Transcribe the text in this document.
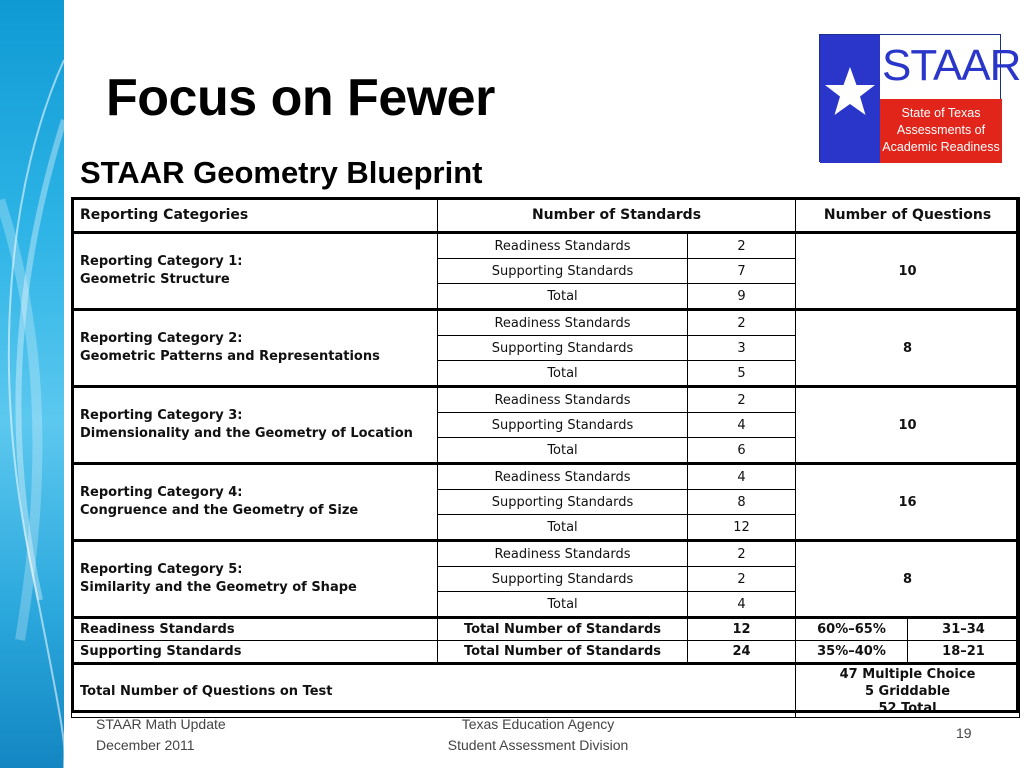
Focus on Fewer
STAAR Geometry Blueprint
STAAR
State of Texas
Assessments of
Academic Readiness
Reporting Categories	Number of Standards		Number of Questions	

Reporting Category 1:
Geometric Structure	Readiness Standards	2	10	
	Supporting Standards	7		
	Total	9		

Reporting Category 2:
Geometric Patterns and Representations	Readiness Standards	2	8	
	Supporting Standards	3		
	Total	5		

Reporting Category 3:
Dimensionality and the Geometry of Location	Readiness Standards	2	10	
	Supporting Standards	4		
	Total	6		

Reporting Category 4:
Congruence and the Geometry of Size	Readiness Standards	4	16	
	Supporting Standards	8		
	Total	12		

Reporting Category 5:
Similarity and the Geometry of Shape	Readiness Standards	2	8	
	Supporting Standards	2		
	Total	4		
Readiness Standards	Total Number of Standards	12	60%–65%	31–34
Supporting Standards	Total Number of Standards	24	35%–40%	18–21
Total Number of Questions on Test			47 Multiple Choice
5 Griddable
52 Total	
STAAR Math Update
December 2011
Texas Education Agency
Student Assessment Division
19
